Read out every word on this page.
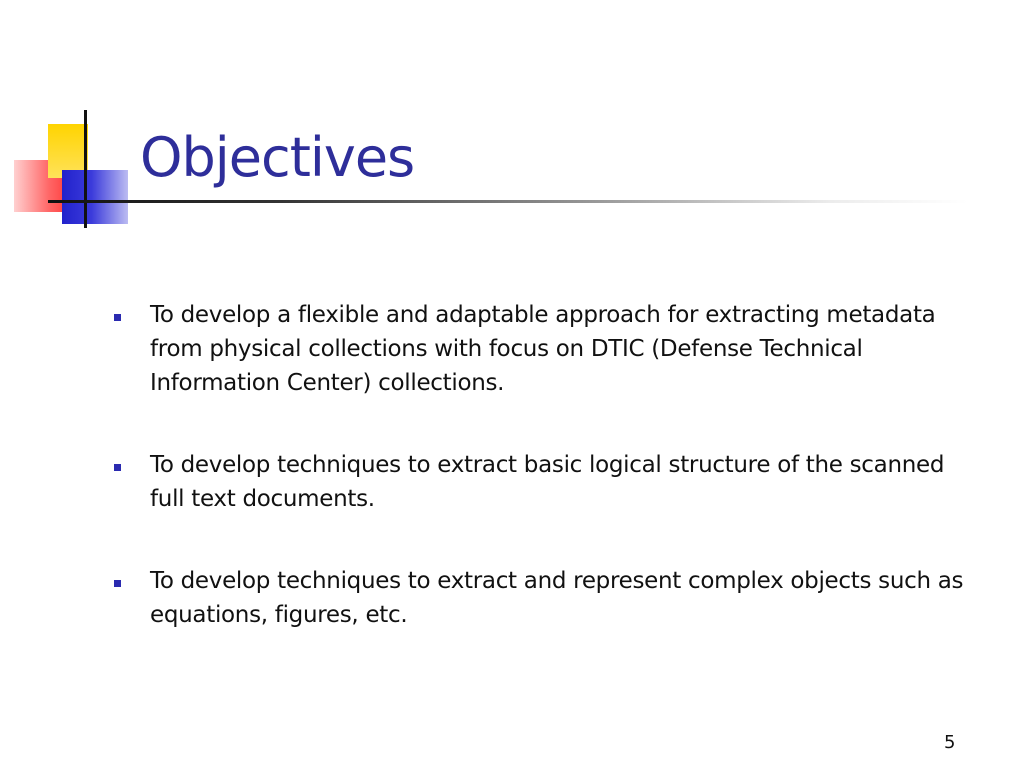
Objectives
To develop a flexible and adaptable approach for extracting metadata from physical collections with focus on DTIC (Defense Technical Information Center) collections.
To develop techniques to extract basic logical structure of the scanned full text documents.
To develop techniques to extract and represent complex objects such as equations, figures, etc.
5
